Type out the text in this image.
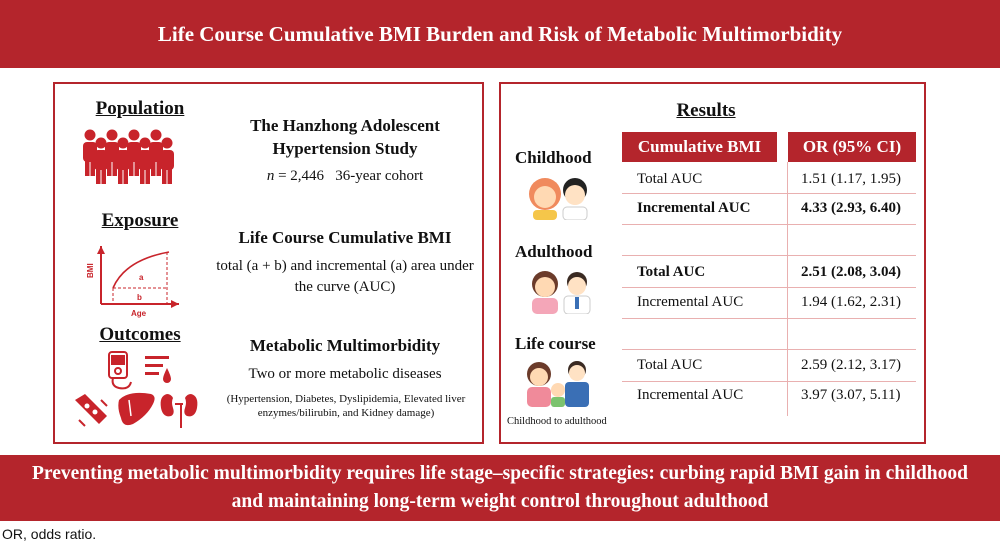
Life Course Cumulative BMI Burden and Risk of Metabolic Multimorbidity
Population
The Hanzhong Adolescent Hypertension Study
n = 2,446 36-year cohort
Exposure
BMI
Age
a
b
Life Course Cumulative BMI
total (a + b) and incremental (a) area under the curve (AUC)
Outcomes
Metabolic Multimorbidity
Two or more metabolic diseases
(Hypertension, Diabetes, Dyslipidemia, Elevated liver enzymes/bilirubin, and Kidney damage)
Results
Cumulative BMI	OR (95% CI)
Childhood
Total AUC	1.51 (1.17, 1.95)
Incremental AUC	4.33 (2.93, 6.40)
Adulthood
Total AUC	2.51 (2.08, 3.04)
Incremental AUC	1.94 (1.62, 2.31)
Life course
Childhood to adulthood
Total AUC	2.59 (2.12, 3.17)
Incremental AUC	3.97 (3.07, 5.11)
Preventing metabolic multimorbidity requires life stage–specific strategies: curbing rapid BMI gain in childhood and maintaining long-term weight control throughout adulthood
OR, odds ratio.
